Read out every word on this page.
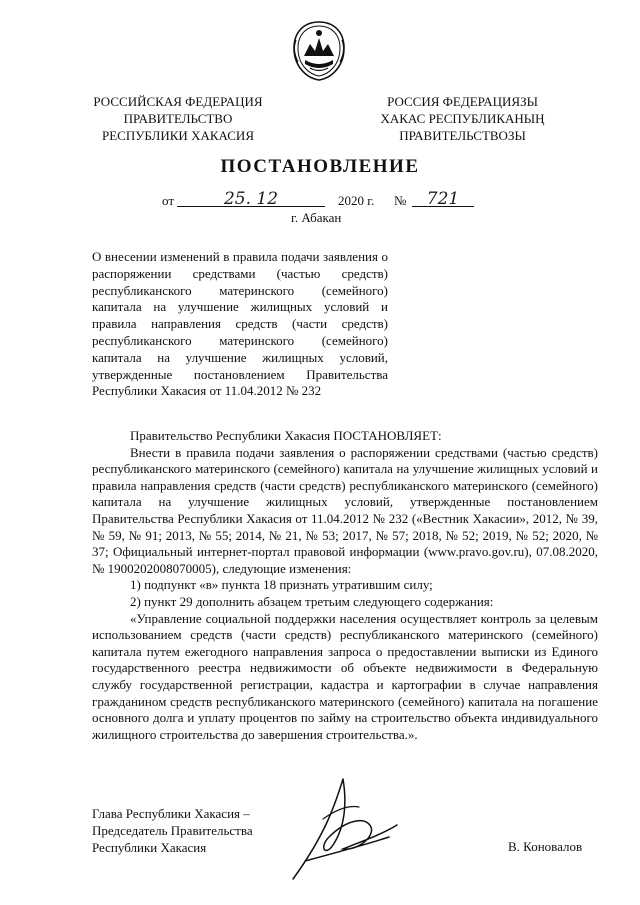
РОССИЙСКАЯ ФЕДЕРАЦИЯ
ПРАВИТЕЛЬСТВО
РЕСПУБЛИКИ ХАКАСИЯ
РОССИЯ ФЕДЕРАЦИЯЗЫ
ХАКАС РЕСПУБЛИКАНЫҢ
ПРАВИТЕЛЬСТВОЗЫ
ПОСТАНОВЛЕНИЕ
от	25. 12	2020 г. №	721
г. Абакан
О внесении изменений в правила подачи заявления о распоряжении средствами (частью средств) республиканского материнского (семейного) капитала на улучшение жилищных условий и правила направления средств (части средств) республиканского материнского (семейного) капитала на улучшение жилищных условий, утвержденные постановлением Правительства Республики Хакасия от 11.04.2012 № 232

Правительство Республики Хакасия ПОСТАНОВЛЯЕТ:

Внести в правила подачи заявления о распоряжении средствами (частью средств) республиканского материнского (семейного) капитала на улучшение жилищных условий и правила направления средств (части средств) республиканского материнского (семейного) капитала на улучшение жилищных условий, утвержденные постановлением Правительства Республики Хакасия от 11.04.2012 № 232 («Вестник Хакасии», 2012, № 39, № 59, № 91; 2013, № 55; 2014, № 21, № 53; 2017, № 57; 2018, № 52; 2019, № 52; 2020, № 37; Официальный интернет-портал правовой информации (www.pravo.gov.ru), 07.08.2020, № 1900202008070005), следующие изменения:

1) подпункт «в» пункта 18 признать утратившим силу;

2) пункт 29 дополнить абзацем третьим следующего содержания:

«Управление социальной поддержки населения осуществляет контроль за целевым использованием средств (части средств) республиканского материнского (семейного) капитала путем ежегодного направления запроса о предоставлении выписки из Единого государственного реестра недвижимости об объекте недвижимости в Федеральную службу государственной регистрации, кадастра и картографии в случае направления гражданином средств республиканского материнского (семейного) капитала на погашение основного долга и уплату процентов по займу на строительство объекта индивидуального жилищного строительства до завершения строительства.».

Глава Республики Хакасия –
Председатель Правительства
Республики Хакасия	В. Коновалов
